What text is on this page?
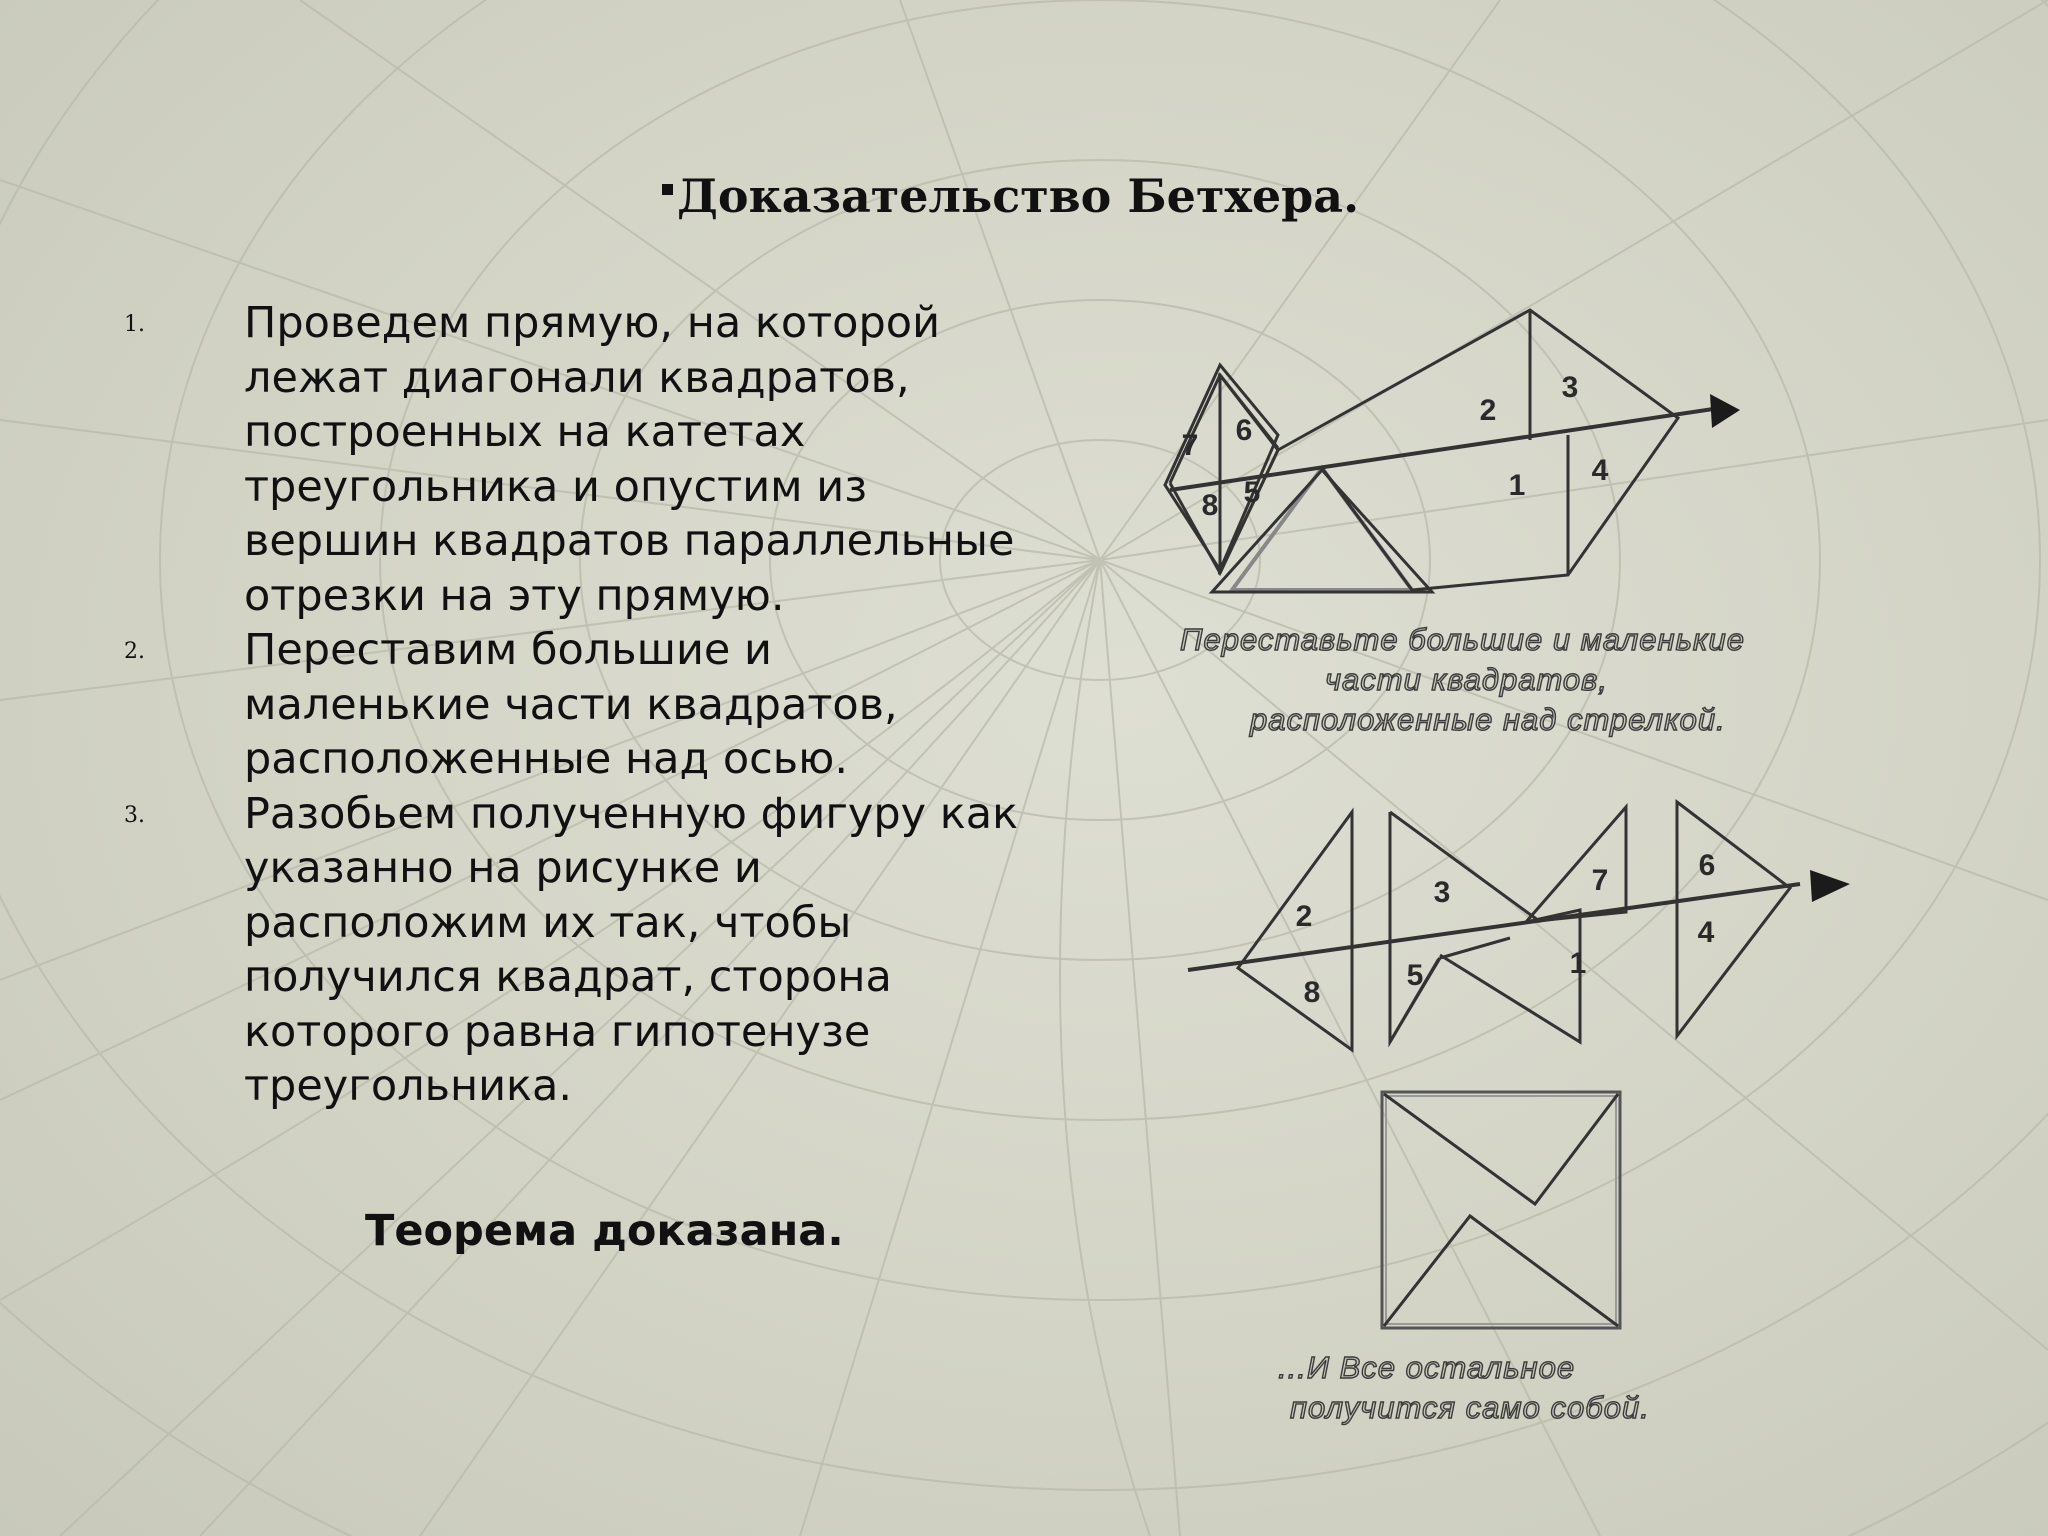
Доказательство Бетхера.
1. Проведем прямую, на которой лежат диагонали квадратов, построенных на катетах треугольника и опустим из вершин квадратов параллельные отрезки на эту прямую.
2. Переставим большие и маленькие части квадратов, расположенные над осью.
3. Разобьем полученную фигуру как указанно на рисунке и расположим их так, чтобы получился квадрат, сторона которого равна гипотенузе треугольника.
Теорема доказана.
7 6
8 5
2
3
1 4
2
8
3
5
7
1
6
4
Переставьте большие и маленькие
части квадратов,
расположенные над стрелкой.
...И Все остальное
получится само собой.
